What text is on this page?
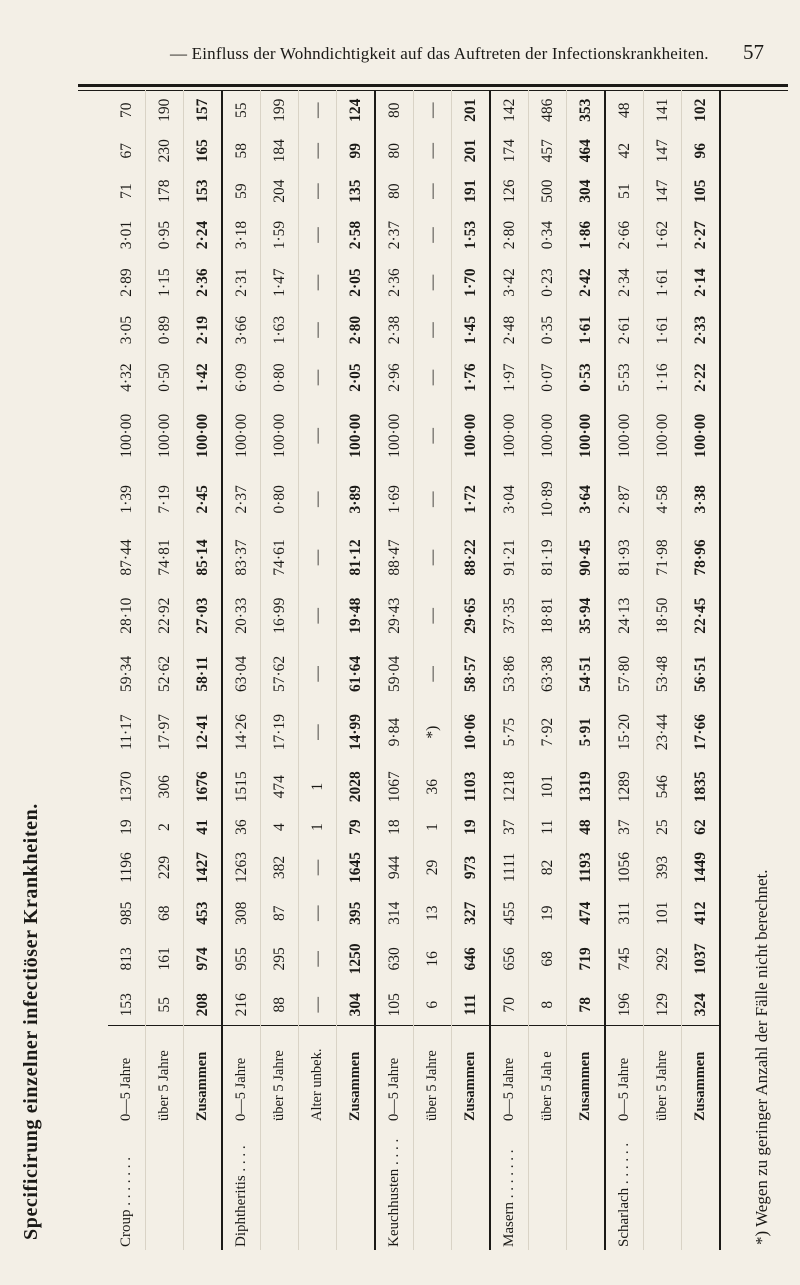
— Einfluss der Wohndichtigkeit auf das Auftreten der Infectionskrankheiten. 57
Specificirung einzelner infectiöser Krankheiten.	Croup . . . . . . .	0—5 Jahre	153	813	985	1196	19	1370	11·17	59·34	28·10	87·44	1·39	100·00	4·32	3·05	2·89	3·01	71	67	70
	über 5 Jahre	55	161	68	229	2	306	17·97	52·62	22·92	74·81	7·19	100·00	0·50	0·89	1·15	0·95	178	230	190
	Zusammen	208	974	453	1427	41	1676	12·41	58·11	27·03	85·14	2·45	100·00	1·42	2·19	2·36	2·24	153	165	157
Diphtheritis . . . .	0—5 Jahre	216	955	308	1263	36	1515	14·26	63·04	20·33	83·37	2·37	100·00	6·09	3·66	2·31	3·18	59	58	55
	über 5 Jahre	88	295	87	382	4	474	17·19	57·62	16·99	74·61	0·80	100·00	0·80	1·63	1·47	1·59	204	184	199
	Alter unbek.	—	—	—	—	1	1	—	—	—	—	—	—	—	—	—	—	—	—	—
	Zusammen	304	1250	395	1645	79	2028	14·99	61·64	19·48	81·12	3·89	100·00	2·05	2·80	2·05	2·58	135	99	124
Keuchhusten . . . .	0—5 Jahre	105	630	314	944	18	1067	9·84	59·04	29·43	88·47	1·69	100·00	2·96	2·38	2·36	2·37	80	80	80
	über 5 Jahre	6	16	13	29	1	36	*)	—	—	—	—	—	—	—	—	—	—	—	—
	Zusammen	111	646	327	973	19	1103	10·06	58·57	29·65	88·22	1·72	100·00	1·76	1·45	1·70	1·53	191	201	201
Masern . . . . . . .	0—5 Jahre	70	656	455	1111	37	1218	5·75	53·86	37·35	91·21	3·04	100·00	1·97	2·48	3·42	2·80	126	174	142
	über 5 Jah e	8	68	19	82	11	101	7·92	63·38	18·81	81·19	10·89	100·00	0·07	0·35	0·23	0·34	500	457	486
	Zusammen	78	719	474	1193	48	1319	5·91	54·51	35·94	90·45	3·64	100·00	0·53	1·61	2·42	1·86	304	464	353
Scharlach . . . . . .	0—5 Jahre	196	745	311	1056	37	1289	15·20	57·80	24·13	81·93	2·87	100·00	5·53	2·61	2·34	2·66	51	42	48
	über 5 Jahre	129	292	101	393	25	546	23·44	53·48	18·50	71·98	4·58	100·00	1·16	1·61	1·61	1·62	147	147	141
	Zusammen	324	1037	412	1449	62	1835	17·66	56·51	22·45	78·96	3·38	100·00	2·22	2·33	2·14	2·27	105	96	102
*) Wegen zu geringer Anzahl der Fälle nicht berechnet.
